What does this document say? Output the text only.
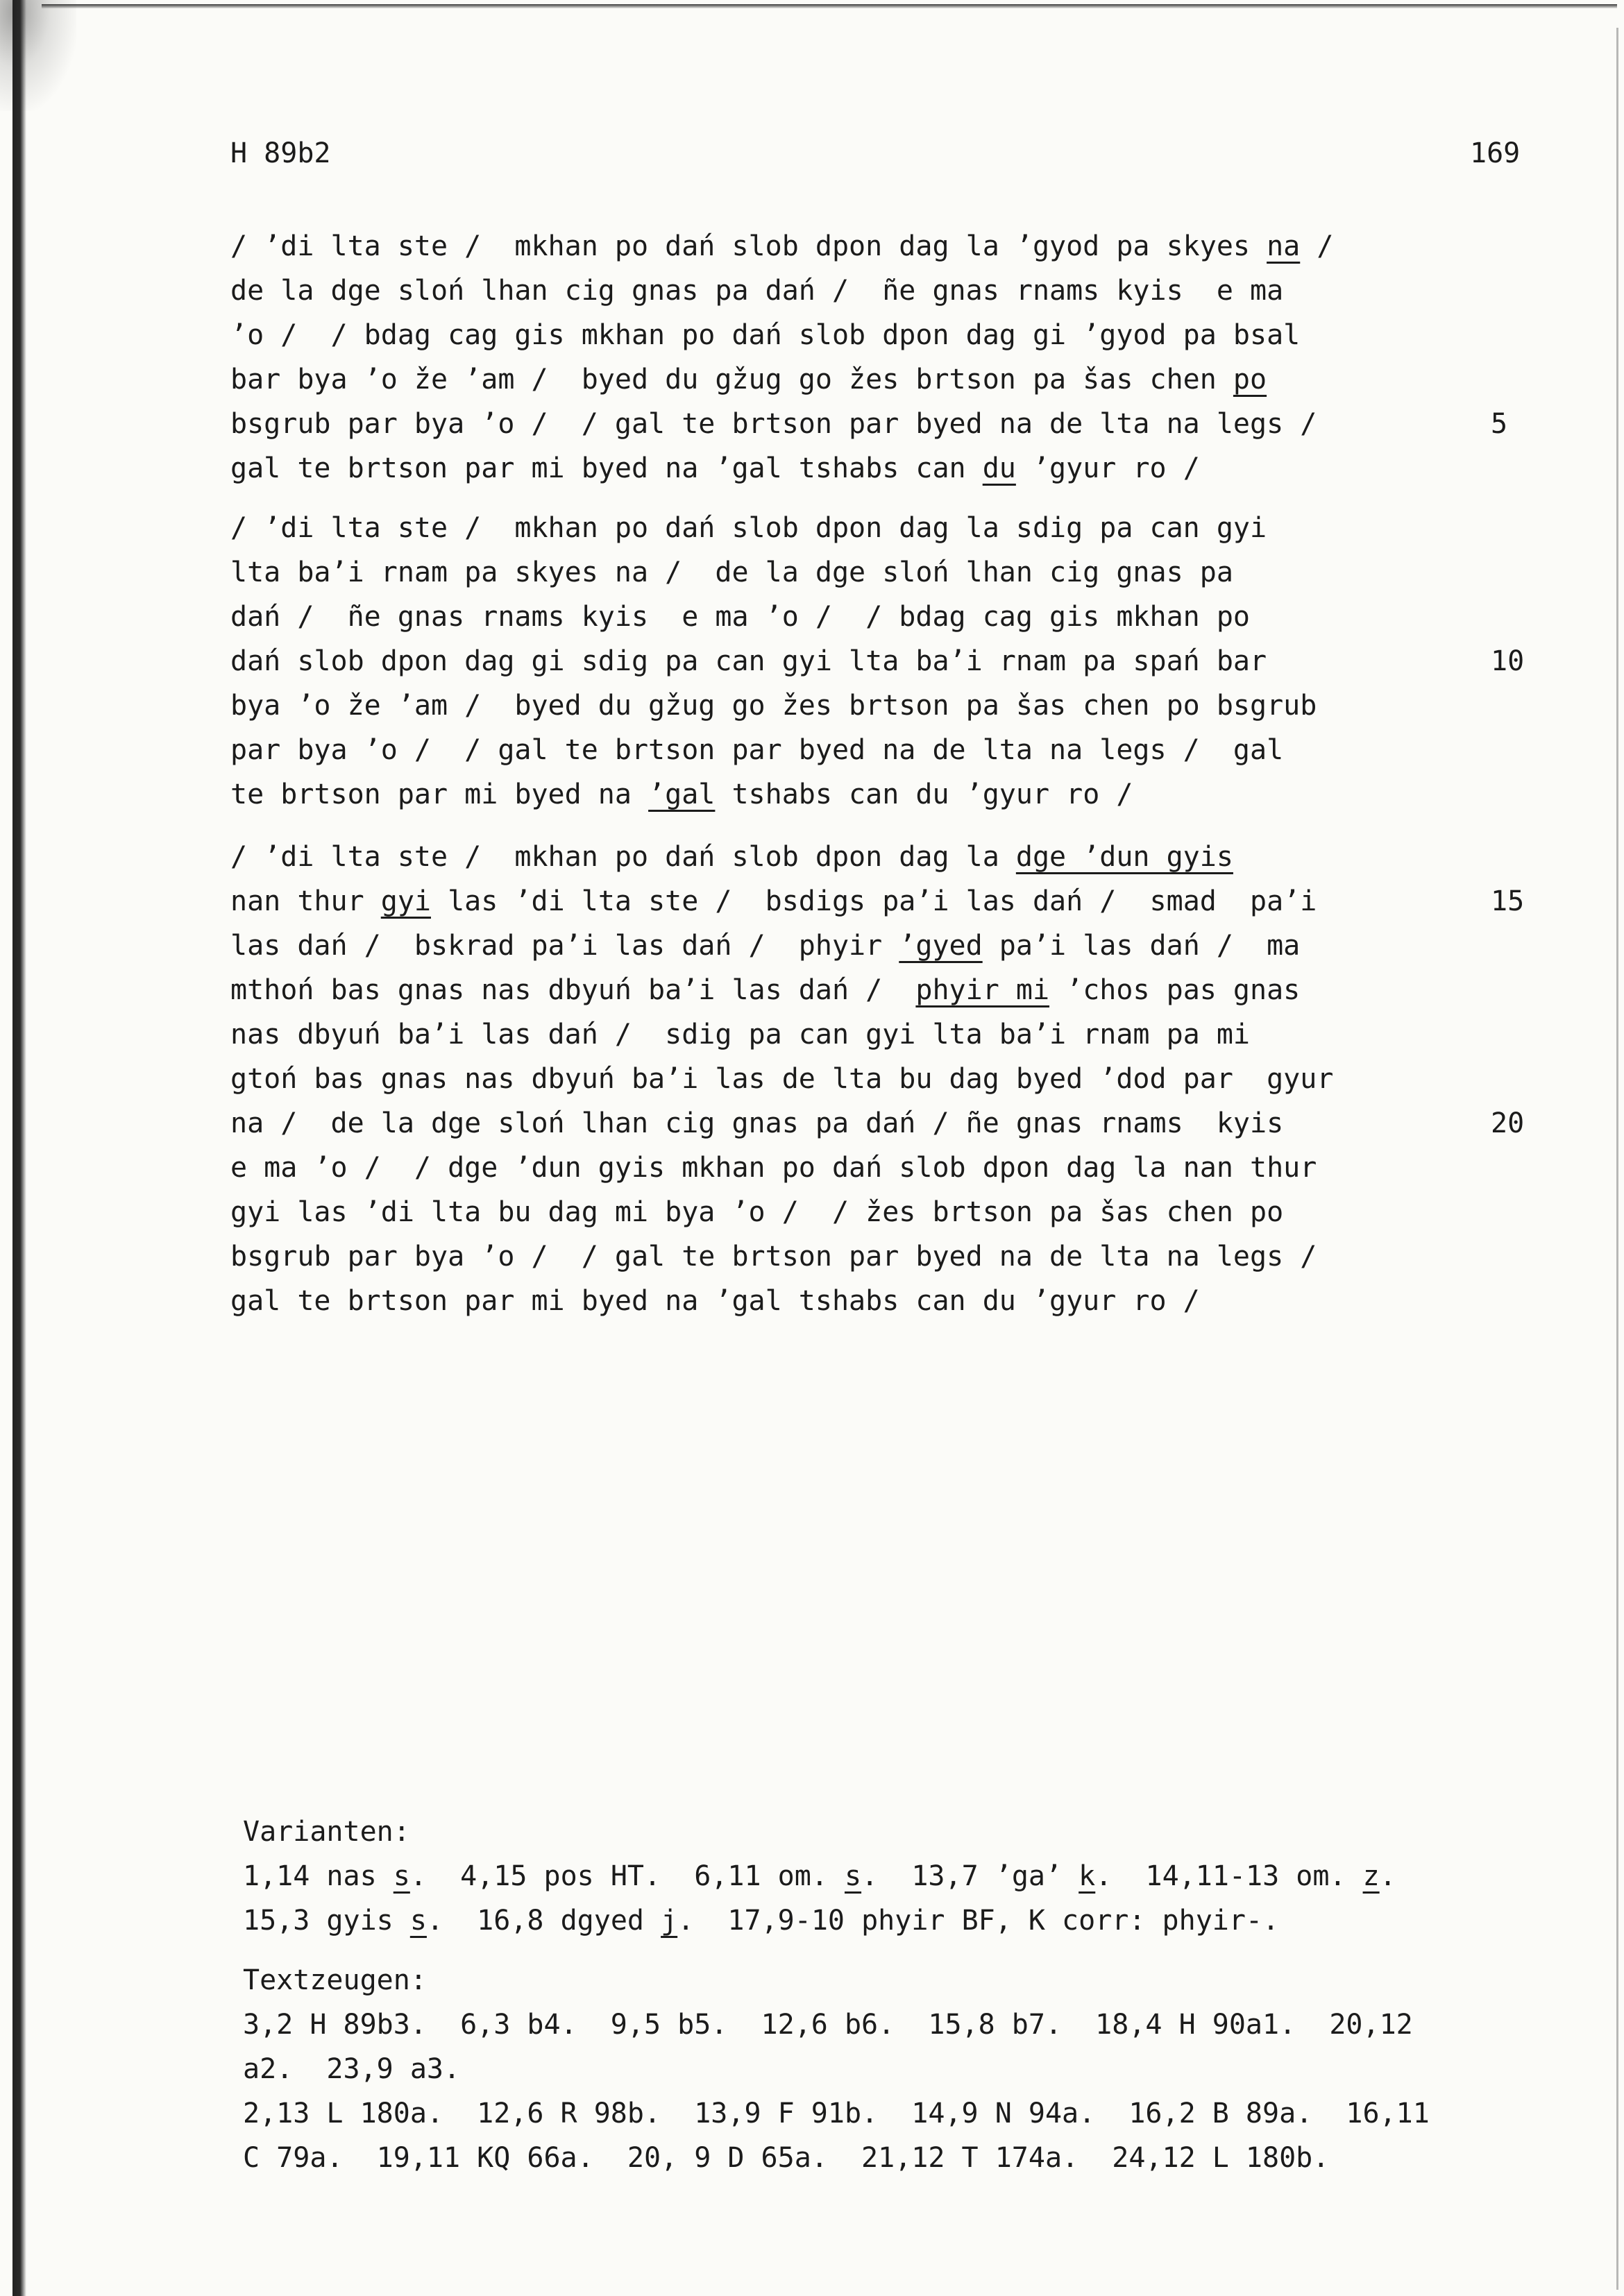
H 89b2	169
/ ’di lta ste /  mkhan po dań slob dpon dag la ’gyod pa skyes na /
de la dge sloń lhan cig gnas pa dań /  ñe gnas rnams kyis  e ma
’o /  / bdag cag gis mkhan po dań slob dpon dag gi ’gyod pa bsal
bar bya ’o že ’am /  byed du gžug go žes brtson pa šas chen po
bsgrub par bya ’o /  / gal te brtson par byed na de lta na legs /	5
gal te brtson par mi byed na ’gal tshabs can du ’gyur ro /
/ ’di lta ste /  mkhan po dań slob dpon dag la sdig pa can gyi
lta ba’i rnam pa skyes na /  de la dge sloń lhan cig gnas pa
dań /  ñe gnas rnams kyis  e ma ’o /  / bdag cag gis mkhan po
dań slob dpon dag gi sdig pa can gyi lta ba’i rnam pa spań bar	10
bya ’o že ’am /  byed du gžug go žes brtson pa šas chen po bsgrub
par bya ’o /  / gal te brtson par byed na de lta na legs /  gal
te brtson par mi byed na ’gal tshabs can du ’gyur ro /
/ ’di lta ste /  mkhan po dań slob dpon dag la dge ’dun gyis
nan thur gyi las ’di lta ste /  bsdigs pa’i las dań /  smad  pa’i	15
las dań /  bskrad pa’i las dań /  phyir ’gyed pa’i las dań /  ma
mthoń bas gnas nas dbyuń ba’i las dań /  phyir mi ’chos pas gnas
nas dbyuń ba’i las dań /  sdig pa can gyi lta ba’i rnam pa mi
gtoń bas gnas nas dbyuń ba’i las de lta bu dag byed ’dod par  gyur
na /  de la dge sloń lhan cig gnas pa dań / ñe gnas rnams  kyis	20
e ma ’o /  / dge ’dun gyis mkhan po dań slob dpon dag la nan thur
gyi las ’di lta bu dag mi bya ’o /  / žes brtson pa šas chen po
bsgrub par bya ’o /  / gal te brtson par byed na de lta na legs /
gal te brtson par mi byed na ’gal tshabs can du ’gyur ro /
Varianten:
1,14 nas s.  4,15 pos HT.  6,11 om. s.  13,7 ’ga’ k.  14,11-13 om. z.
15,3 gyis s.  16,8 dgyed j.  17,9-10 phyir BF, K corr: phyir-.
Textzeugen:
3,2 H 89b3.  6,3 b4.  9,5 b5.  12,6 b6.  15,8 b7.  18,4 H 90a1.  20,12
a2.  23,9 a3.
2,13 L 180a.  12,6 R 98b.  13,9 F 91b.  14,9 N 94a.  16,2 B 89a.  16,11
C 79a.  19,11 KQ 66a.  20, 9 D 65a.  21,12 T 174a.  24,12 L 180b.
